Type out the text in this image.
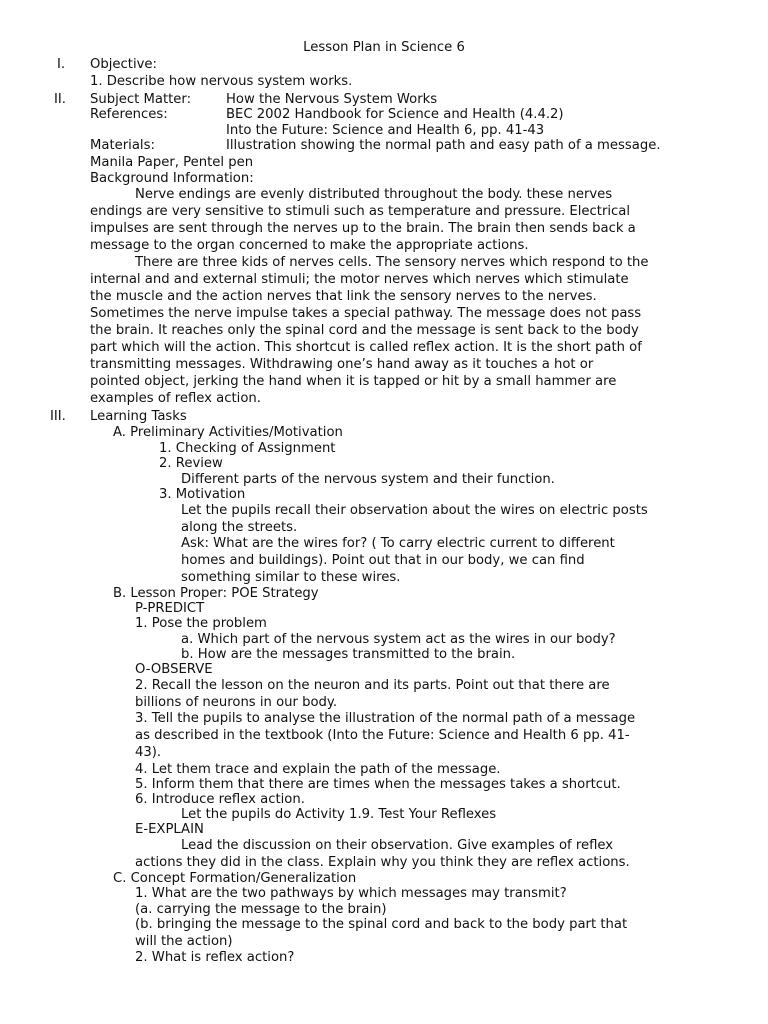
Lesson Plan in Science 6
I. Objective:
1. Describe how nervous system works.
II. Subject Matter:	How the Nervous System Works
References:	BEC 2002 Handbook for Science and Health (4.4.2)
Into the Future: Science and Health 6, pp. 41-43
Materials:	Illustration showing the normal path and easy path of a message.
Manila Paper, Pentel pen
Background Information:
Nerve endings are evenly distributed throughout the body. these nerves
endings are very sensitive to stimuli such as temperature and pressure. Electrical
impulses are sent through the nerves up to the brain. The brain then sends back a
message to the organ concerned to make the appropriate actions.
There are three kids of nerves cells. The sensory nerves which respond to the
internal and and external stimuli; the motor nerves which nerves which stimulate
the muscle and the action nerves that link the sensory nerves to the nerves.
Sometimes the nerve impulse takes a special pathway. The message does not pass
the brain. It reaches only the spinal cord and the message is sent back to the body
part which will the action. This shortcut is called reflex action. It is the short path of
transmitting messages. Withdrawing one’s hand away as it touches a hot or
pointed object, jerking the hand when it is tapped or hit by a small hammer are
examples of reflex action.
III. Learning Tasks
A. Preliminary Activities/Motivation
1. Checking of Assignment
2. Review
Different parts of the nervous system and their function.
3. Motivation
Let the pupils recall their observation about the wires on electric posts
along the streets.
Ask: What are the wires for? ( To carry electric current to different
homes and buildings). Point out that in our body, we can find
something similar to these wires.
B. Lesson Proper: POE Strategy
P-PREDICT
1. Pose the problem
a. Which part of the nervous system act as the wires in our body?
b. How are the messages transmitted to the brain.
O-OBSERVE
2. Recall the lesson on the neuron and its parts. Point out that there are
billions of neurons in our body.
3. Tell the pupils to analyse the illustration of the normal path of a message
as described in the textbook (Into the Future: Science and Health 6 pp. 41-
43).
4. Let them trace and explain the path of the message.
5. Inform them that there are times when the messages takes a shortcut.
6. Introduce reflex action.
Let the pupils do Activity 1.9. Test Your Reflexes
E-EXPLAIN
Lead the discussion on their observation. Give examples of reflex
actions they did in the class. Explain why you think they are reflex actions.
C. Concept Formation/Generalization
1. What are the two pathways by which messages may transmit?
(a. carrying the message to the brain)
(b. bringing the message to the spinal cord and back to the body part that
will the action)
2. What is reflex action?
